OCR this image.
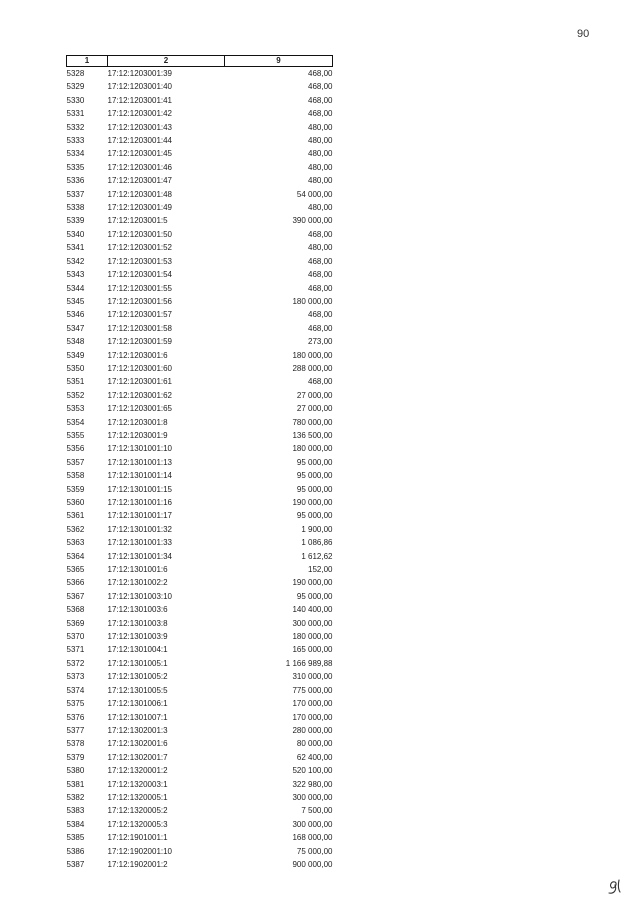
90
1	2	9
5328	17:12:1203001:39	468,00
5329	17:12:1203001:40	468,00
5330	17:12:1203001:41	468,00
5331	17:12:1203001:42	468,00
5332	17:12:1203001:43	480,00
5333	17:12:1203001:44	480,00
5334	17:12:1203001:45	480,00
5335	17:12:1203001:46	480,00
5336	17:12:1203001:47	480,00
5337	17:12:1203001:48	54 000,00
5338	17:12:1203001:49	480,00
5339	17:12:1203001:5	390 000,00
5340	17:12:1203001:50	468,00
5341	17:12:1203001:52	480,00
5342	17:12:1203001:53	468,00
5343	17:12:1203001:54	468,00
5344	17:12:1203001:55	468,00
5345	17:12:1203001:56	180 000,00
5346	17:12:1203001:57	468,00
5347	17:12:1203001:58	468,00
5348	17:12:1203001:59	273,00
5349	17:12:1203001:6	180 000,00
5350	17:12:1203001:60	288 000,00
5351	17:12:1203001:61	468,00
5352	17:12:1203001:62	27 000,00
5353	17:12:1203001:65	27 000,00
5354	17:12:1203001:8	780 000,00
5355	17:12:1203001:9	136 500,00
5356	17:12:1301001:10	180 000,00
5357	17:12:1301001:13	95 000,00
5358	17:12:1301001:14	95 000,00
5359	17:12:1301001:15	95 000,00
5360	17:12:1301001:16	190 000,00
5361	17:12:1301001:17	95 000,00
5362	17:12:1301001:32	1 900,00
5363	17:12:1301001:33	1 086,86
5364	17:12:1301001:34	1 612,62
5365	17:12:1301001:6	152,00
5366	17:12:1301002:2	190 000,00
5367	17:12:1301003:10	95 000,00
5368	17:12:1301003:6	140 400,00
5369	17:12:1301003:8	300 000,00
5370	17:12:1301003:9	180 000,00
5371	17:12:1301004:1	165 000,00
5372	17:12:1301005:1	1 166 989,88
5373	17:12:1301005:2	310 000,00
5374	17:12:1301005:5	775 000,00
5375	17:12:1301006:1	170 000,00
5376	17:12:1301007:1	170 000,00
5377	17:12:1302001:3	280 000,00
5378	17:12:1302001:6	80 000,00
5379	17:12:1302001:7	62 400,00
5380	17:12:1320001:2	520 100,00
5381	17:12:1320003:1	322 980,00
5382	17:12:1320005:1	300 000,00
5383	17:12:1320005:2	7 500,00
5384	17:12:1320005:3	300 000,00
5385	17:12:1901001:1	168 000,00
5386	17:12:1902001:10	75 000,00
5387	17:12:1902001:2	900 000,00
